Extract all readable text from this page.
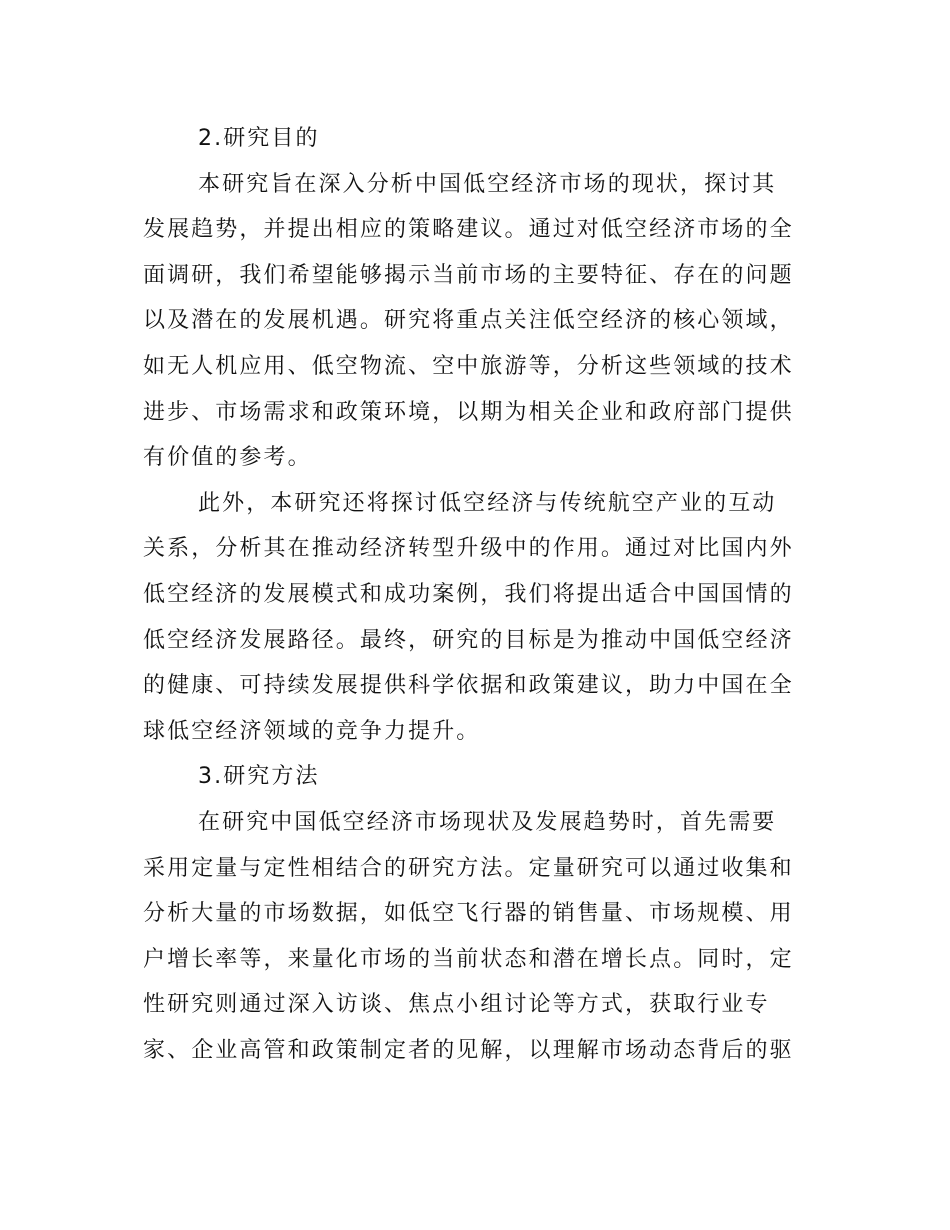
2.研究目的
本研究旨在深入分析中国低空经济市场的现状，探讨其
发展趋势，并提出相应的策略建议。通过对低空经济市场的全
面调研，我们希望能够揭示当前市场的主要特征、存在的问题
以及潜在的发展机遇。研究将重点关注低空经济的核心领域，
如无人机应用、低空物流、空中旅游等，分析这些领域的技术
进步、市场需求和政策环境，以期为相关企业和政府部门提供
有价值的参考。
此外，本研究还将探讨低空经济与传统航空产业的互动
关系，分析其在推动经济转型升级中的作用。通过对比国内外
低空经济的发展模式和成功案例，我们将提出适合中国国情的
低空经济发展路径。最终，研究的目标是为推动中国低空经济
的健康、可持续发展提供科学依据和政策建议，助力中国在全
球低空经济领域的竞争力提升。
3.研究方法
在研究中国低空经济市场现状及发展趋势时，首先需要
采用定量与定性相结合的研究方法。定量研究可以通过收集和
分析大量的市场数据，如低空飞行器的销售量、市场规模、用
户增长率等，来量化市场的当前状态和潜在增长点。同时，定
性研究则通过深入访谈、焦点小组讨论等方式，获取行业专
家、企业高管和政策制定者的见解，以理解市场动态背后的驱
